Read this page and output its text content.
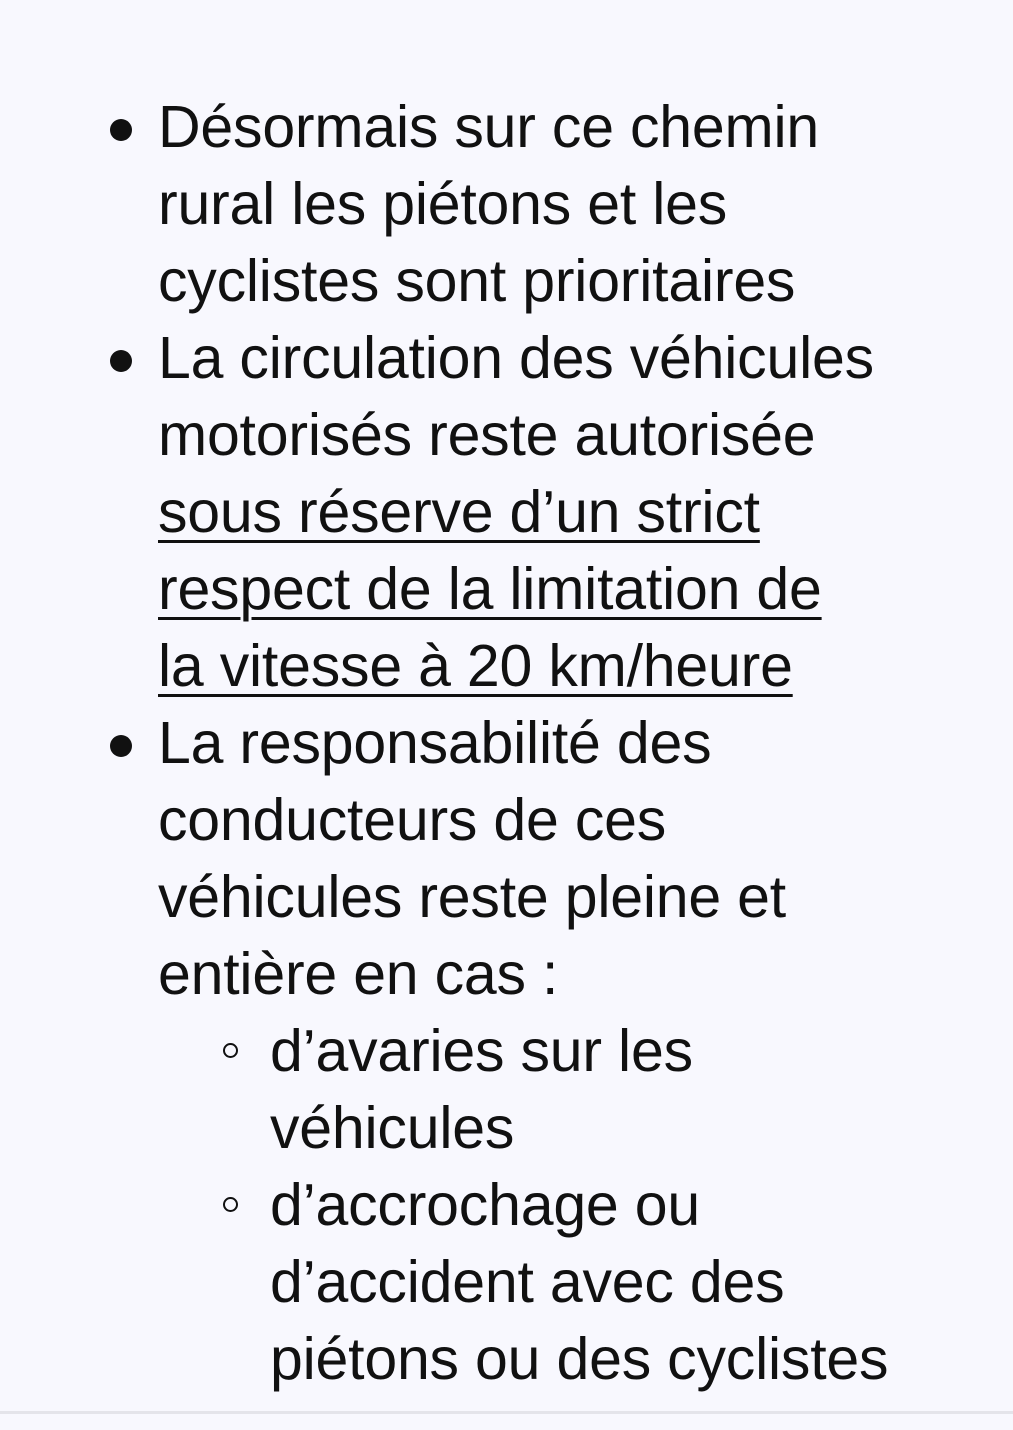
Désormais sur ce chemin
rural les piétons et les
cyclistes sont prioritaires
La circulation des véhicules
motorisés reste autorisée
sous réserve d’un strict
respect de la limitation de
la vitesse à 20 km/heure
La responsabilité des
conducteurs de ces
véhicules reste pleine et
entière en cas :
d’avaries sur les
véhicules
d’accrochage ou
d’accident avec des
piétons ou des cyclistes
